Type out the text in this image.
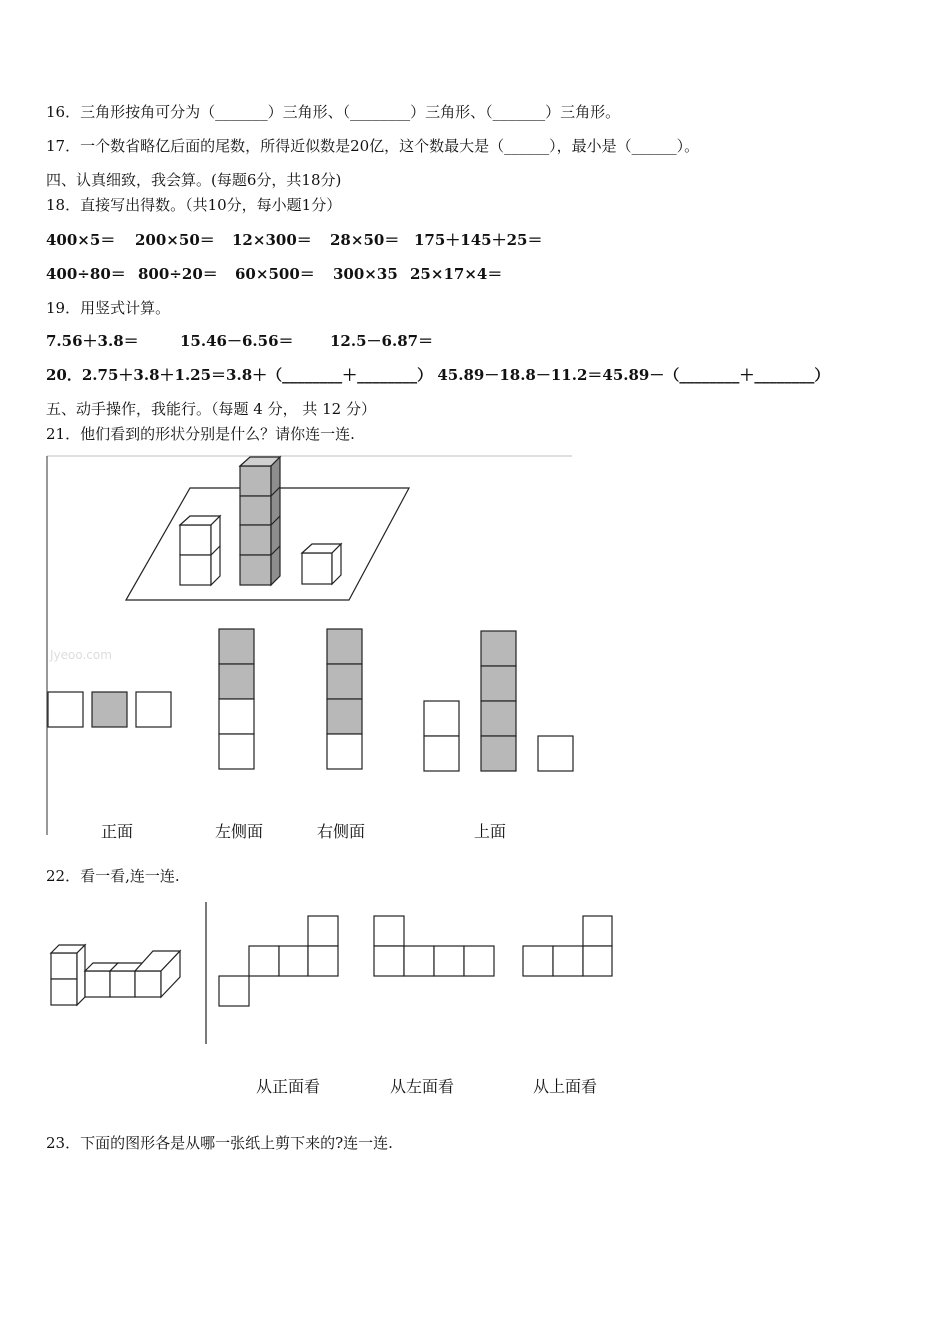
16．三角形按角可分为（_______）三角形、（________）三角形、（_______）三角形。
17．一个数省略亿后面的尾数，所得近似数是20亿，这个数最大是（______），最小是（______）。
四、认真细致，我会算。(每题6分，共18分)
18．直接写出得数。（共10分，每小题1分）
400×5＝ 200×50＝ 12×300＝ 28×50＝ 175＋145＋25＝
400÷80＝ 800÷20＝ 60×500＝ 300×35 25×17×4＝
19．用竖式计算。
7.56＋3.8＝	15.46－6.56＝ 12.5－6.87＝
20．2.75＋3.8＋1.25＝3.8＋（________＋________） 45.89－18.8－11.2＝45.89－（________＋________）
五、动手操作，我能行。（每题 4 分， 共 12 分）
21．他们看到的形状分别是什么？请你连一连.
Jyeoo.com
正面	左侧面	右侧面	上面
22．看一看,连一连.
从正面看	从左面看	从上面看
23．下面的图形各是从哪一张纸上剪下来的?连一连.
